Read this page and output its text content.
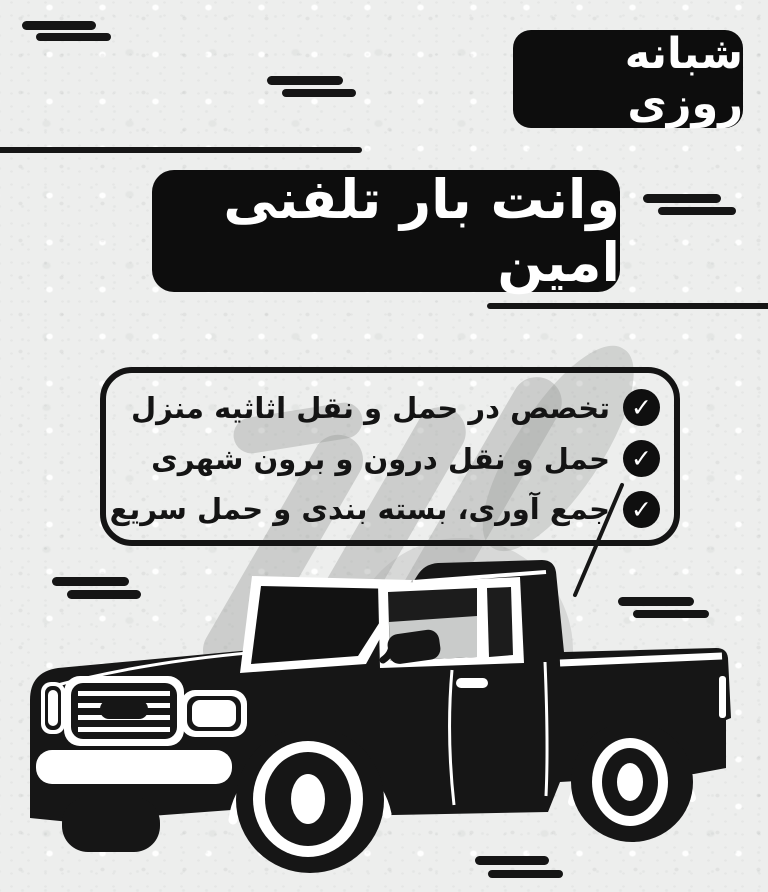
شبانه روزی
وانت بار تلفنی امین
✓
تخصص در حمل و نقل اثاثیه منزل
✓
حمل و نقل درون و برون شهری
✓
جمع آوری، بسته بندی و حمل سریع
